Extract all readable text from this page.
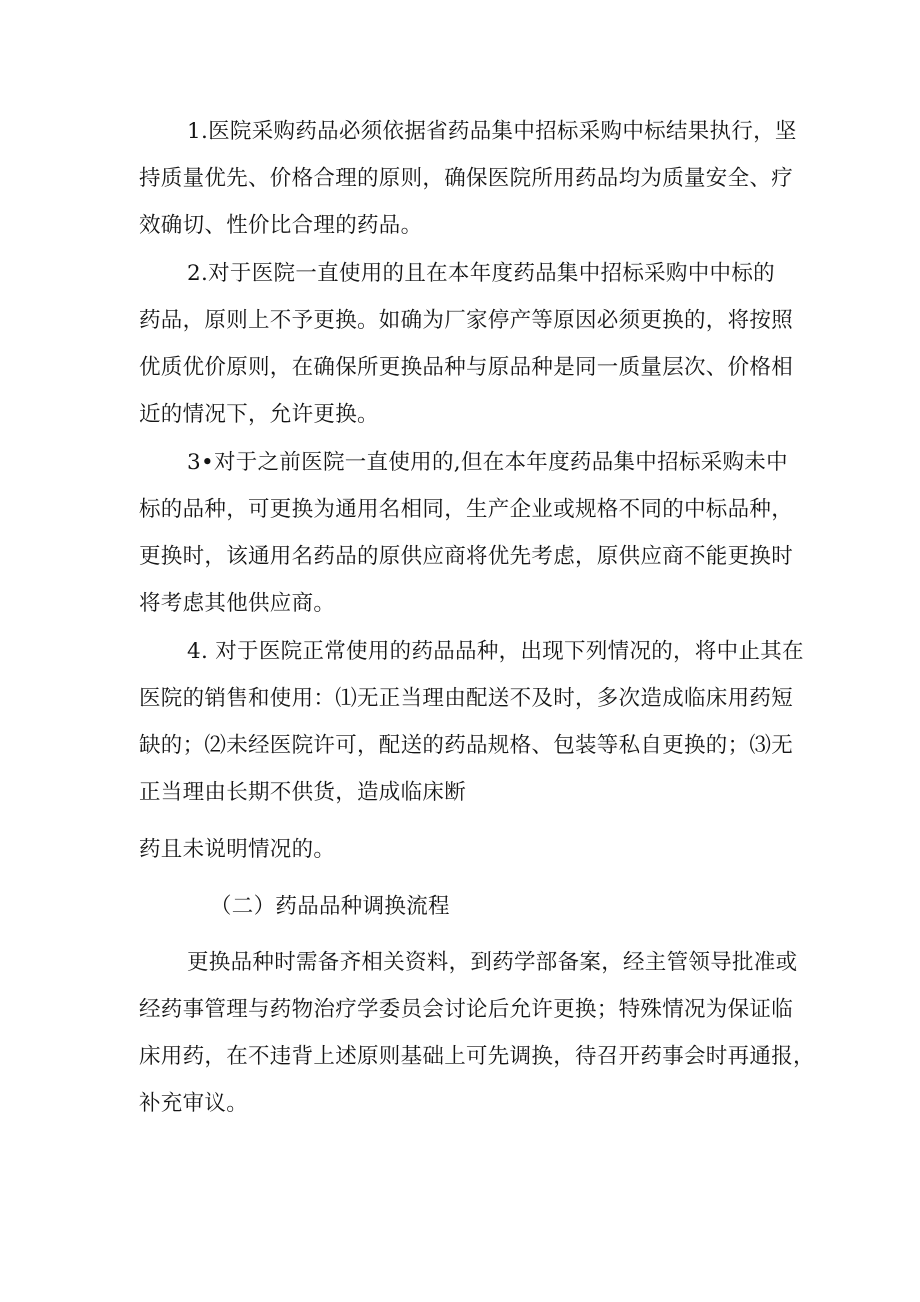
1.医院采购药品必须依据省药品集中招标采购中标结果执行，坚
持质量优先、价格合理的原则，确保医院所用药品均为质量安全、疗
效确切、性价比合理的药品。
2.对于医院一直使用的且在本年度药品集中招标采购中中标的
药品，原则上不予更换。如确为厂家停产等原因必须更换的，将按照
优质优价原则，在确保所更换品种与原品种是同一质量层次、价格相
近的情况下，允许更换。
3•对于之前医院一直使用的,但在本年度药品集中招标采购未中
标的品种，可更换为通用名相同，生产企业或规格不同的中标品种，
更换时，该通用名药品的原供应商将优先考虑，原供应商不能更换时
将考虑其他供应商。
4. 对于医院正常使用的药品品种，出现下列情况的，将中止其在
医院的销售和使用：⑴无正当理由配送不及时，多次造成临床用药短
缺的；⑵未经医院许可，配送的药品规格、包装等私自更换的；⑶无
正当理由长期不供货，造成临床断
药且未说明情况的。
（二）药品品种调换流程
更换品种时需备齐相关资料，到药学部备案，经主管领导批准或
经药事管理与药物治疗学委员会讨论后允许更换；特殊情况为保证临
床用药，在不违背上述原则基础上可先调换，待召开药事会时再通报，
补充审议。
